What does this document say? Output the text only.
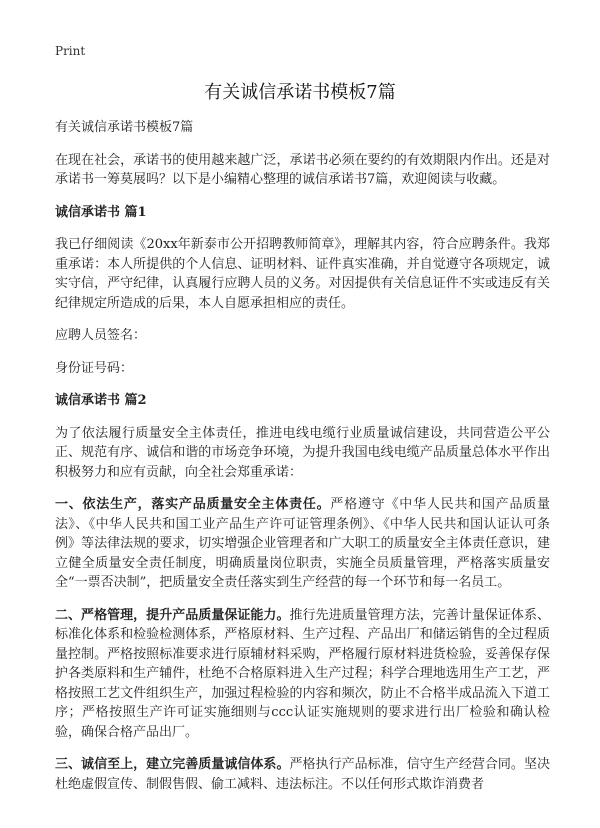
Print
有关诚信承诺书模板7篇

有关诚信承诺书模板7篇

在现在社会，承诺书的使用越来越广泛，承诺书必须在要约的有效期限内作出。还是对承诺书一筹莫展吗？以下是小编精心整理的诚信承诺书7篇，欢迎阅读与收藏。

诚信承诺书 篇1

我已仔细阅读《20xx年新泰市公开招聘教师简章》，理解其内容，符合应聘条件。我郑重承诺：本人所提供的个人信息、证明材料、证件真实准确，并自觉遵守各项规定，诚实守信，严守纪律，认真履行应聘人员的义务。对因提供有关信息证件不实或违反有关纪律规定所造成的后果，本人自愿承担相应的责任。

应聘人员签名：

身份证号码：

诚信承诺书 篇2

为了依法履行质量安全主体责任，推进电线电缆行业质量诚信建设，共同营造公平公正、规范有序、诚信和谐的市场竞争环境，为提升我国电线电缆产品质量总体水平作出积极努力和应有贡献，向全社会郑重承诺：

一、依法生产，落实产品质量安全主体责任。严格遵守《中华人民共和国产品质量法》、《中华人民共和国工业产品生产许可证管理条例》、《中华人民共和国认证认可条例》等法律法规的要求，切实增强企业管理者和广大职工的质量安全主体责任意识，建立健全质量安全责任制度，明确质量岗位职责，实施全员质量管理，严格落实质量安全“一票否决制”，把质量安全责任落实到生产经营的每一个环节和每一名员工。

二、严格管理，提升产品质量保证能力。推行先进质量管理方法，完善计量保证体系、标准化体系和检验检测体系，严格原材料、生产过程、产品出厂和储运销售的全过程质量控制。严格按照标准要求进行原辅材料采购，严格履行原材料进货检验，妥善保存保护各类原料和生产辅件，杜绝不合格原料进入生产过程；科学合理地选用生产工艺，严格按照工艺文件组织生产，加强过程检验的内容和频次，防止不合格半成品流入下道工序；严格按照生产许可证实施细则与ccc认证实施规则的要求进行出厂检验和确认检验，确保合格产品出厂。

三、诚信至上，建立完善质量诚信体系。严格执行产品标准，信守生产经营合同。坚决杜绝虚假宣传、制假售假、偷工减料、违法标注。不以任何形式欺诈消费者
